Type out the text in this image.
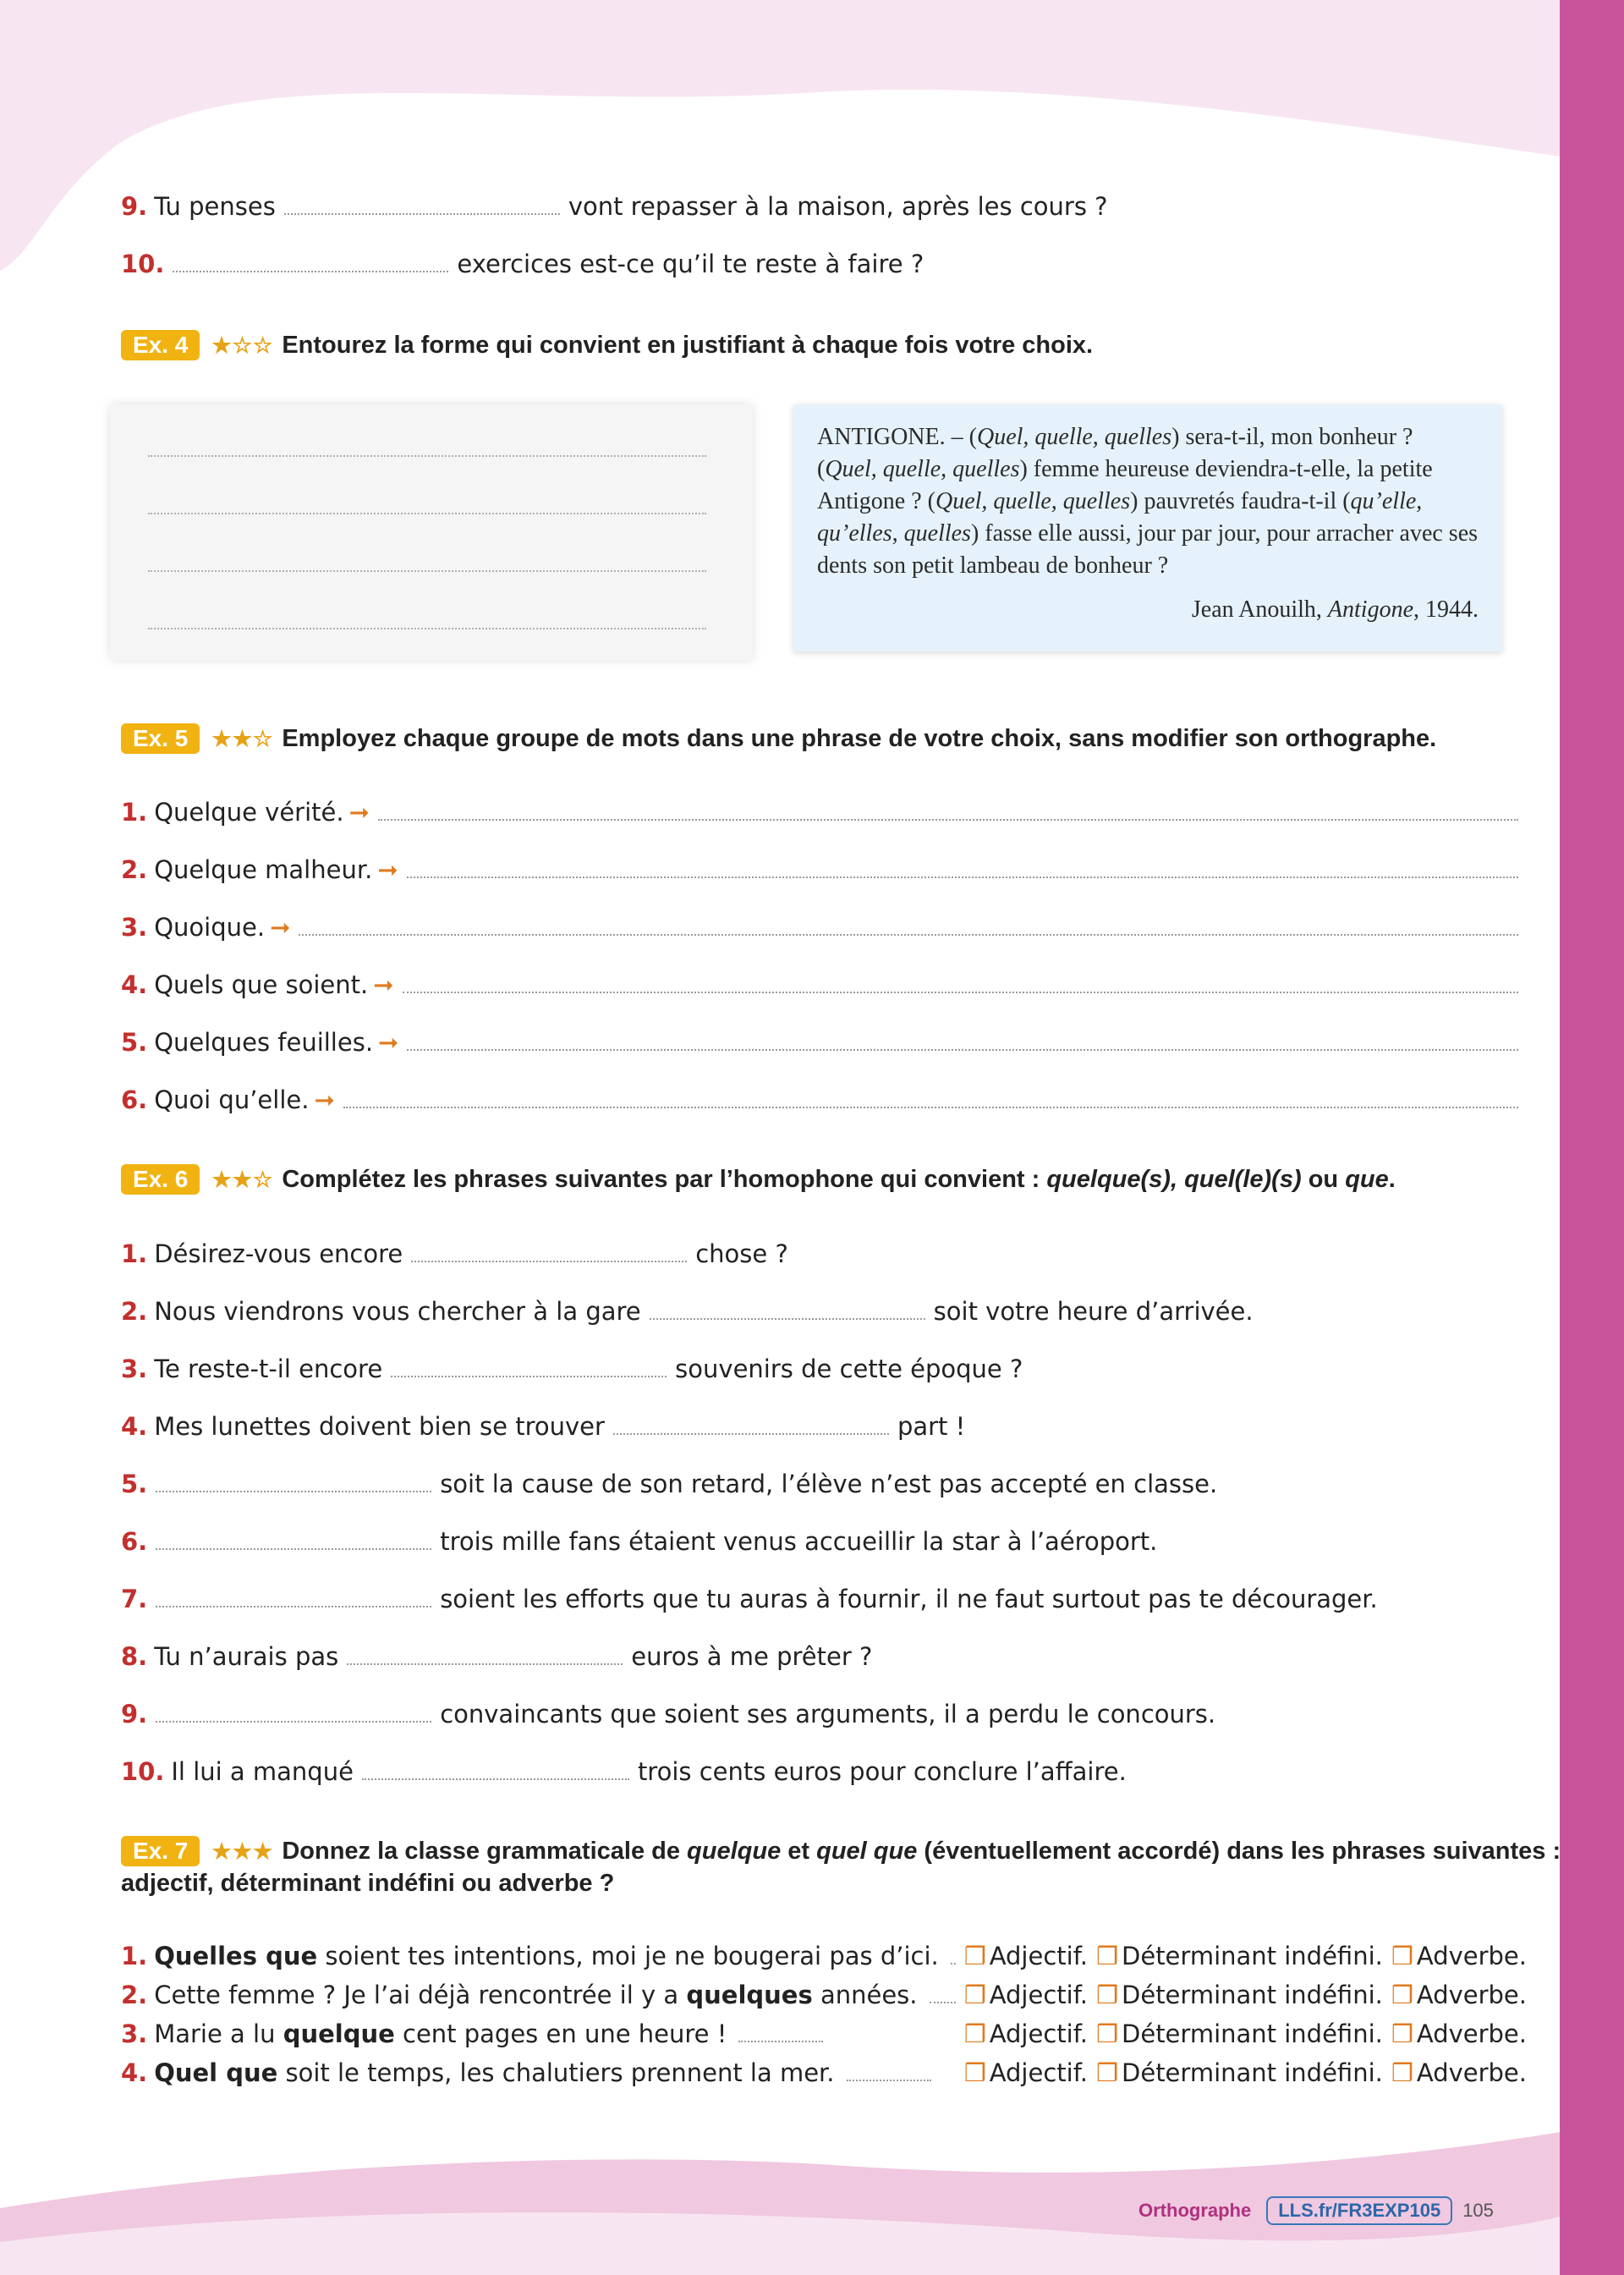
9. Tu penses	vont repasser à la maison, après les cours ?
10.	exercices est-ce qu’il te reste à faire ?
Ex. 4	★☆☆ Entourez la forme qui convient en justifiant à chaque fois votre choix.
ANTIGONE. – (Quel, quelle, quelles) sera-t-il, mon bonheur ? (Quel, quelle, quelles) femme heureuse deviendra-t-elle, la petite Antigone ? (Quel, quelle, quelles) pauvretés faudra-t-il (qu’elle, qu’elles, quelles) fasse elle aussi, jour par jour, pour arracher avec ses dents son petit lambeau de bonheur ?
Jean Anouilh, Antigone, 1944.
Ex. 5	★★☆ Employez chaque groupe de mots dans une phrase de votre choix, sans modifier son orthographe.
1. Quelque vérité. ➞
2. Quelque malheur. ➞
3. Quoique. ➞
4. Quels que soient. ➞
5. Quelques feuilles. ➞
6. Quoi qu’elle. ➞
Ex. 6	★★☆ Complétez les phrases suivantes par l’homophone qui convient : quelque(s), quel(le)(s) ou que.
1. Désirez-vous encore	chose ?
2. Nous viendrons vous chercher à la gare	soit votre heure d’arrivée.
3. Te reste-t-il encore	souvenirs de cette époque ?
4. Mes lunettes doivent bien se trouver	part !
5.	soit la cause de son retard, l’élève n’est pas accepté en classe.
6.	trois mille fans étaient venus accueillir la star à l’aéroport.
7.	soient les efforts que tu auras à fournir, il ne faut surtout pas te décourager.
8. Tu n’aurais pas	euros à me prêter ?
9.	convaincants que soient ses arguments, il a perdu le concours.
10. Il lui a manqué	trois cents euros pour conclure l’affaire.
Ex. 7	★★★ Donnez la classe grammaticale de quelque et quel que (éventuellement accordé) dans les phrases suivantes :
adjectif, déterminant indéfini ou adverbe ?
1. Quelles que soient tes intentions, moi je ne bougerai pas d’ici. ❒ Adjectif. ❒ Déterminant indéfini. ❒ Adverbe.
2. Cette femme ? Je l’ai déjà rencontrée il y a quelques années. ❒ Adjectif. ❒ Déterminant indéfini. ❒ Adverbe.
3. Marie a lu quelque cent pages en une heure !	❒ Adjectif. ❒ Déterminant indéfini. ❒ Adverbe.
4. Quel que soit le temps, les chalutiers prennent la mer.	❒ Adjectif. ❒ Déterminant indéfini. ❒ Adverbe.
Orthographe	LLS.fr/FR3EXP105	105
